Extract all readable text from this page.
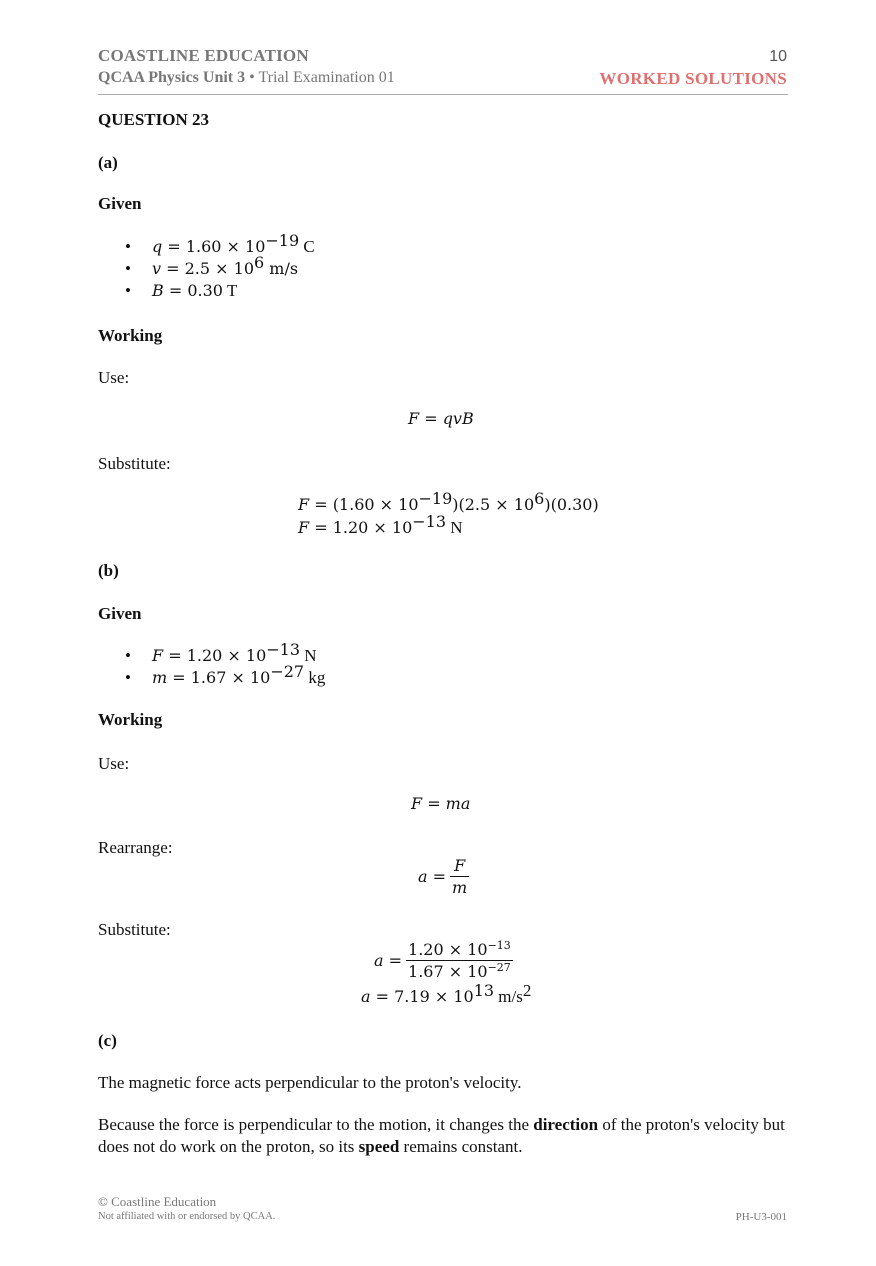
COASTLINE EDUCATION
QCAA Physics Unit 3 • Trial Examination 01
10
WORKED SOLUTIONS
QUESTION 23
(a)
Given
• $q = 1.60 \times 10^{-19}$ C
• $v = 2.5 \times 10^6$ m/s
• B = 0.30 T
Working
Use:
F = qvB
Substitute:
$F = (1.60 \times 10^{-19})(2.5 \times 10^6)(0.30)$
$F = 1.20 \times 10^{-13}$ N
(b)
Given
• $F = 1.20 \times 10^{-13}$ N
• $m = 1.67 \times 10^{-27}$ kg
Working
Use:
F = ma
Rearrange:
$a = \frac{F}{m}$
Substitute:
$a = \frac{1.20 \times 10^{-13}}{1.67 \times 10^{-27}}$
$a = 7.19 \times 10^{13}$ $m/s^2$
(c)
The magnetic force acts perpendicular to the proton's velocity.
Because the force is perpendicular to the motion, it changes the direction of the proton's velocity but does not do work on the proton, so its speed remains constant.
© Coastline Education
Not affiliated with or endorsed by QCAA.	PH-U3-001
